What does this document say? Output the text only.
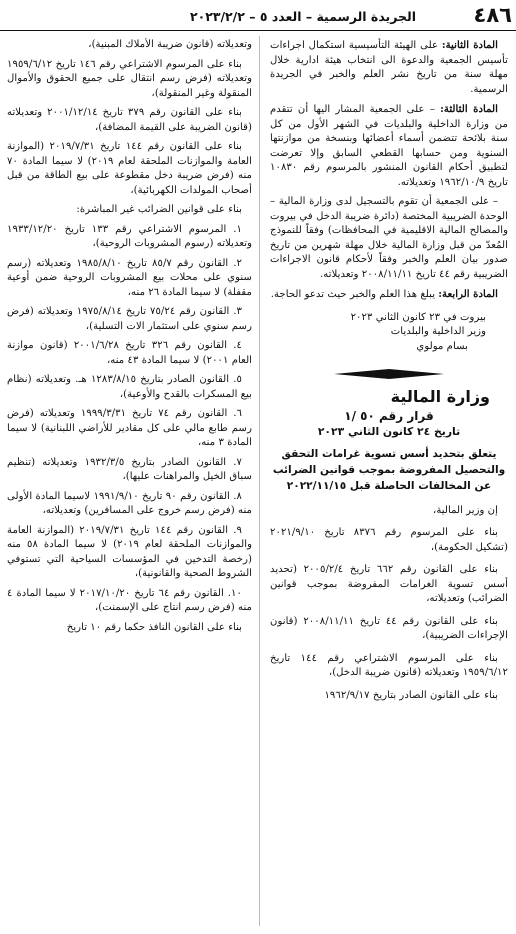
٤٨٦
الجريدة الرسمية – العدد ٥ – ٢٠٢٣/٢/٢

المادة الثانية: على الهيئة التأسيسية استكمال اجراءات تأسيس الجمعية والدعوة الى انتخاب هيئة ادارية خلال مهلة سنة من تاريخ نشر العلم والخبر في الجريدة الرسمية.

المادة الثالثة: – على الجمعية المشار اليها أن تتقدم من وزارة الداخلية والبلديات في الشهر الأول من كل سنة بلائحة تتضمن أسماء أعضائها وبنسخة من موازنتها السنوية ومن حسابها القطعي السابق وإلا تعرضت لتطبيق أحكام القانون المنشور بالمرسوم رقم ١٠٨٣٠ تاريخ ١٩٦٢/١٠/٩ وتعديلاته.

– على الجمعية أن تقوم بالتسجيل لدى وزارة المالية – الوحدة الضريبية المختصة (دائرة ضريبة الدخل في بيروت والمصالح المالية الاقليمية في المحافظات) وفقاً للنموذج المُعدّ من قبل وزارة المالية خلال مهلة شهرين من تاريخ صدور بيان العلم والخبر وفقاً لأحكام قانون الاجراءات الضريبية رقم ٤٤ تاريخ ٢٠٠٨/١١/١١ وتعديلاته.

المادة الرابعة: يبلغ هذا العلم والخبر حيث تدعو الحاجة.

بيروت في ٢٣ كانون الثاني ٢٠٢٣

وزير الداخلية والبلديات

بسام مولوي

وزارة المالية

قرار رقم ٥٠ /١

تاريخ ٢٤ كانون الثاني ٢٠٢٣

يتعلق بتحديد أسس تسوية غرامات التحقق والتحصيل المفروضة بموجب قوانين الضرائب عن المخالفات الحاصلة قبل ٢٠٢٢/١١/١٥

إن وزير المالية،

بناء على المرسوم رقم ٨٣٧٦ تاريخ ٢٠٢١/٩/١٠ (تشكيل الحكومة)،

بناء على القانون رقم ٦٦٢ تاريخ ٢٠٠٥/٢/٤ (تحديد أسس تسوية الغرامات المفروضة بموجب قوانين الضرائب) وتعديلاته،

بناء على القانون رقم ٤٤ تاريخ ٢٠٠٨/١١/١١ (قانون الإجراءات الضريبية)،

بناء على المرسوم الاشتراعي رقم ١٤٤ تاريخ ١٩٥٩/٦/١٢ وتعديلاته (قانون ضريبة الدخل)،

بناء على القانون الصادر بتاريخ ١٩٦٢/٩/١٧

وتعديلاته (قانون ضريبة الأملاك المبنية)،

بناء على المرسوم الاشتراعي رقم ١٤٦ تاريخ ١٩٥٩/٦/١٢ وتعديلاته (فرض رسم انتقال على جميع الحقوق والأموال المنقولة وغير المنقولة)،

بناء على القانون رقم ٣٧٩ تاريخ ٢٠٠١/١٢/١٤ وتعديلاته (قانون الضريبة على القيمة المضافة)،

بناء على القانون رقم ١٤٤ تاريخ ٢٠١٩/٧/٣١ (الموازنة العامة والموازنات الملحقة لعام ٢٠١٩) لا سيما المادة ٧٠ منه (فرض ضريبة دخل مقطوعة على بيع الطاقة من قبل أصحاب المولدات الكهربائية)،

بناء على قوانين الضرائب غير المباشرة:

١. المرسوم الاشتراعي رقم ١٣٣ تاريخ ١٩٣٣/١٢/٢٠ وتعديلاته (رسوم المشروبات الروحية)،

٢. القانون رقم ٨٥/٧ تاريخ ١٩٨٥/٨/١٠ وتعديلاته (رسم سنوي على محلات بيع المشروبات الروحية ضمن أوعية مقفلة) لا سيما المادة ٢٦ منه،

٣. القانون رقم ٧٥/٢٤ تاريخ ١٩٧٥/٨/١٤ وتعديلاته (فرض رسم سنوي على استثمار الات التسلية)،

٤. القانون رقم ٣٢٦ تاريخ ٢٠٠١/٦/٢٨ (قانون موازنة العام ٢٠٠١) لا سيما المادة ٤٣ منه،

٥. القانون الصادر بتاريخ ١٢٨٣/٨/١٥ هـ. وتعديلاته (نظام بيع المسكرات بالقدح والأوعية)،

٦. القانون رقم ٧٤ تاريخ ١٩٩٩/٣/٣١ وتعديلاته (فرض رسم طابع مالي على كل مقادير للأراضي اللبنانية) لا سيما المادة ٣ منه،

٧. القانون الصادر بتاريخ ١٩٣٢/٣/٥ وتعديلاته (تنظيم سباق الخيل والمراهنات عليها)،

٨. القانون رقم ٩٠ تاريخ ١٩٩١/٩/١٠ لاسيما المادة الأولى منه (فرض رسم خروج على المسافرين) وتعديلاته،

٩. القانون رقم ١٤٤ تاريخ ٢٠١٩/٧/٣١ (الموازنة العامة والموازنات الملحقة لعام ٢٠١٩) لا سيما المادة ٥٨ منه (رخصة التدخين في المؤسسات السياحية التي تستوفي الشروط الصحية والقانونية)،

١٠. القانون رقم ٦٤ تاريخ ٢٠١٧/١٠/٢٠ لا سيما المادة ٤ منه (فرض رسم انتاج على الإسمنت)،

بناء على القانون النافذ حكما رقم ١٠ تاريخ
